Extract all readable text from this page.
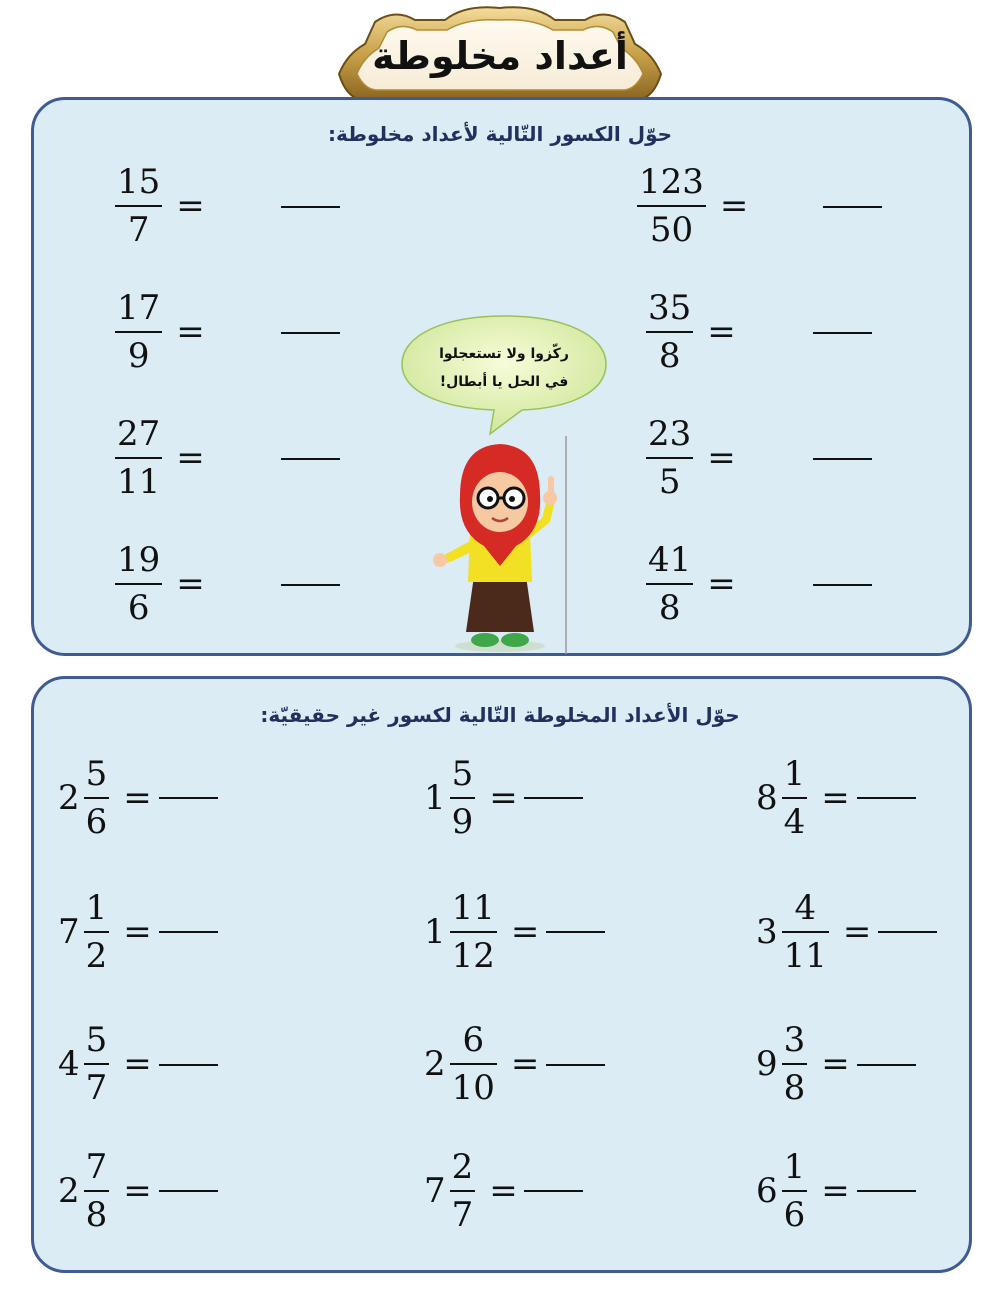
أعداد مخلوطة
حوّل الكسور التّالية لأعداد مخلوطة:
$\frac{15}{7}$ =
$\frac{17}{9}$ =
$\frac{27}{11}$ =
$\frac{19}{6}$ =
$\frac{123}{50}$ =
$\frac{35}{8}$ =
$\frac{23}{5}$ =
$\frac{41}{8}$ =
ركّزوا ولا تستعجلوا
في الحل يا أبطال!
حوّل الأعداد المخلوطة التّالية لكسور غير حقيقيّة:
$2 \frac{5}{6}$ =
$7 \frac{1}{2}$ =
$4 \frac{5}{7}$ =
$2 \frac{7}{8}$ =
$1 \frac{5}{9}$ =
$1 \frac{11}{12}$ =
$2 \frac{6}{10}$ =
$7 \frac{2}{7}$ =
$8 \frac{1}{4}$ =
$3 \frac{4}{11}$ =
$9 \frac{3}{8}$ =
$6 \frac{1}{6}$ =
